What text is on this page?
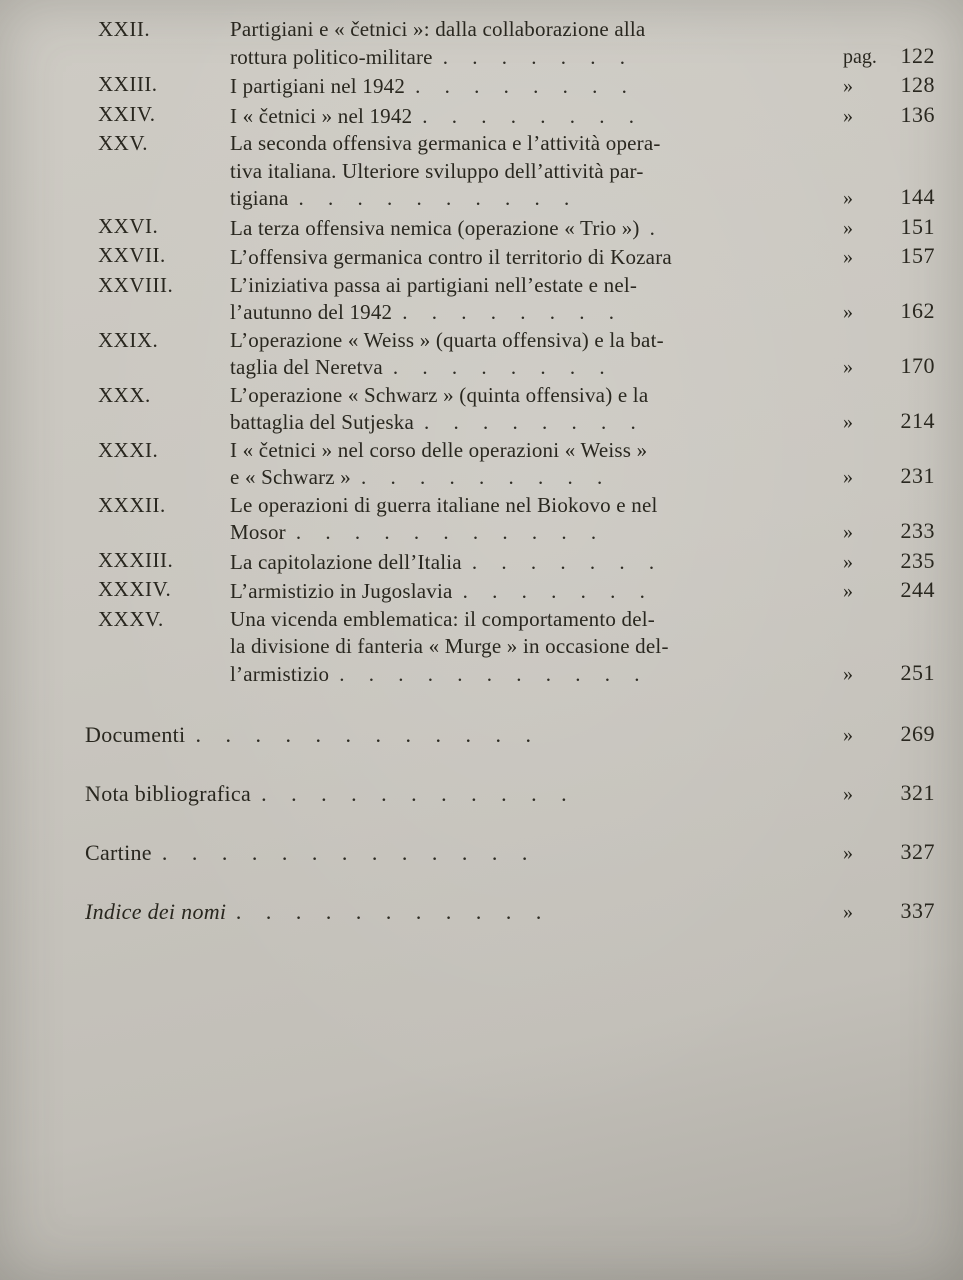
XXII.	Partigiani e « četnici »: dalla collaborazione alla
rottura politico-militare . . . . . . .	pag. 122
XXIII.	I partigiani nel 1942 . . . . . . . .	» 128
XXIV.	I « četnici » nel 1942 . . . . . . . .	» 136
XXV.	La seconda offensiva germanica e l’attività opera-
tiva italiana. Ulteriore sviluppo dell’attività par-
tigiana . . . . . . . . . .	» 144
XXVI.	La terza offensiva nemica (operazione « Trio ») .	» 151
XXVII.	L’offensiva germanica contro il territorio di Kozara	» 157
XXVIII.	L’iniziativa passa ai partigiani nell’estate e nel-
l’autunno del 1942 . . . . . . . .	» 162
XXIX.	L’operazione « Weiss » (quarta offensiva) e la bat-
taglia del Neretva . . . . . . . .	» 170
XXX.	L’operazione « Schwarz » (quinta offensiva) e la
battaglia del Sutjeska . . . . . . . .	» 214
XXXI.	I « četnici » nel corso delle operazioni « Weiss »
e « Schwarz » . . . . . . . . .	» 231
XXXII.	Le operazioni di guerra italiane nel Biokovo e nel
Mosor . . . . . . . . . . .	» 233
XXXIII.	La capitolazione dell’Italia . . . . . . .	» 235
XXXIV.	L’armistizio in Jugoslavia . . . . . . .	» 244
XXXV.	Una vicenda emblematica: il comportamento del-
la divisione di fanteria « Murge » in occasione del-
l’armistizio . . . . . . . . . . .	» 251
Documenti . . . . . . . . . . . .	» 269
Nota bibliografica . . . . . . . . . . .	» 321
Cartine . . . . . . . . . . . . .	» 327
Indice dei nomi . . . . . . . . . . .	» 337
